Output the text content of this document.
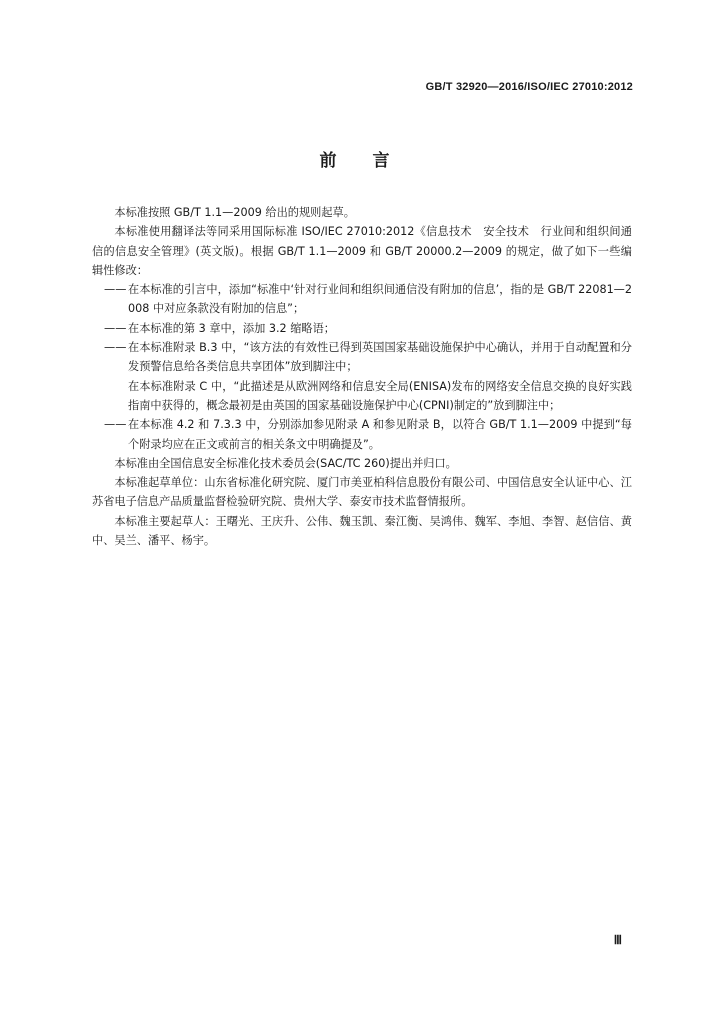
GB/T 32920—2016/ISO/IEC 27010:2012
前言

本标准按照 GB/T 1.1—2009 给出的规则起草。

本标准使用翻译法等同采用国际标准 ISO/IEC 27010:2012《信息技术　安全技术　行业间和组织间通信的信息安全管理》(英文版)。根据 GB/T 1.1—2009 和 GB/T 20000.2—2009 的规定，做了如下一些编辑性修改：

—— 在本标准的引言中，添加“标准中‘针对行业间和组织间通信没有附加的信息’，指的是 GB/T 22081—2008 中对应条款没有附加的信息”；
—— 在本标准的第 3 章中，添加 3.2 缩略语；
—— 在本标准附录 B.3 中，“该方法的有效性已得到英国国家基础设施保护中心确认，并用于自动配置和分发预警信息给各类信息共享团体”放到脚注中；

在本标准附录 C 中，“此描述是从欧洲网络和信息安全局(ENISA)发布的网络安全信息交换的良好实践指南中获得的，概念最初是由英国的国家基础设施保护中心(CPNI)制定的”放到脚注中；

—— 在本标准 4.2 和 7.3.3 中，分别添加参见附录 A 和参见附录 B，以符合 GB/T 1.1—2009 中提到“每个附录均应在正文或前言的相关条文中明确提及”。

本标准由全国信息安全标准化技术委员会(SAC/TC 260)提出并归口。

本标准起草单位：山东省标准化研究院、厦门市美亚柏科信息股份有限公司、中国信息安全认证中心、江苏省电子信息产品质量监督检验研究院、贵州大学、泰安市技术监督情报所。

本标准主要起草人：王曙光、王庆升、公伟、魏玉凯、秦江衡、吴鸿伟、魏军、李旭、李智、赵信信、黄中、吴兰、潘平、杨宇。

Ⅲ
